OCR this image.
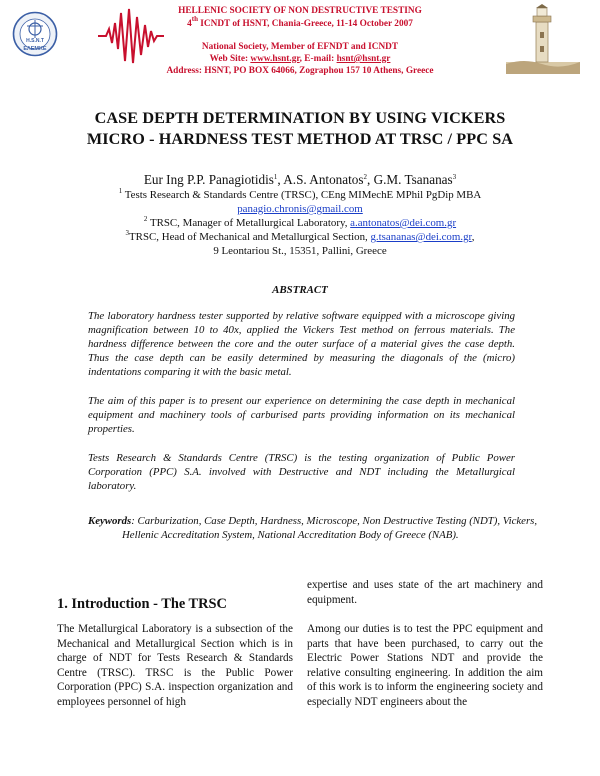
H.S.N.T
ΕΛΕΜΚΕ
HELLENIC SOCIETY OF NON DESTRUCTIVE TESTING
4th ICNDT of HSNT, Chania-Greece, 11-14 October 2007
National Society, Member of EFNDT and ICNDT
Web Site: www.hsnt.gr, E-mail: hsnt@hsnt.gr
Address: HSNT, PO BOX 64066, Zographou 157 10 Athens, Greece
CASE DEPTH DETERMINATION BY USING VICKERS
MICRO - HARDNESS TEST METHOD AT TRSC / PPC SA
Eur Ing P.P. Panagiotidis$^1$, A.S. Antonatos$^2$, G.M. Tsananas$^3$
$^1$ Tests Research & Standards Centre (TRSC), CEng MIMechE MPhil PgDip MBA
panagio.chronis@gmail.com
$^2$ TRSC, Manager of Metallurgical Laboratory, a.antonatos@dei.com.gr
$^3$TRSC, Head of Mechanical and Metallurgical Section, g.tsananas@dei.com.gr,
9 Leontariou St., 15351, Pallini, Greece
ABSTRACT
The laboratory hardness tester supported by relative software equipped with a microscope giving magnification between 10 to 40x, applied the Vickers Test method on ferrous materials. The hardness difference between the core and the outer surface of a material gives the case depth. Thus the case depth can be easily determined by measuring the diagonals of the (micro) indentations comparing it with the basic metal.
The aim of this paper is to present our experience on determining the case depth in mechanical equipment and machinery tools of carburised parts providing information on its mechanical properties.
Tests Research & Standards Centre (TRSC) is the testing organization of Public Power Corporation (PPC) S.A. involved with Destructive and NDT including the Metallurgical laboratory.
Keywords: Carburization, Case Depth, Hardness, Microscope, Non Destructive Testing (NDT), Vickers, Hellenic Accreditation System, National Accreditation Body of Greece (NAB).
1. Introduction - The TRSC

The Metallurgical Laboratory is a subsection of the Mechanical and Metallurgical Section which is in charge of NDT for Tests Research & Standards Centre (TRSC). TRSC is the Public Power Corporation (PPC) S.A. inspection organization and employees personnel of high

expertise and uses state of the art machinery and equipment.

Among our duties is to test the PPC equipment and parts that have been purchased, to carry out the Electric Power Stations NDT and provide the relative consulting engineering. In addition the aim of this work is to inform the engineering society and especially NDT engineers about the
